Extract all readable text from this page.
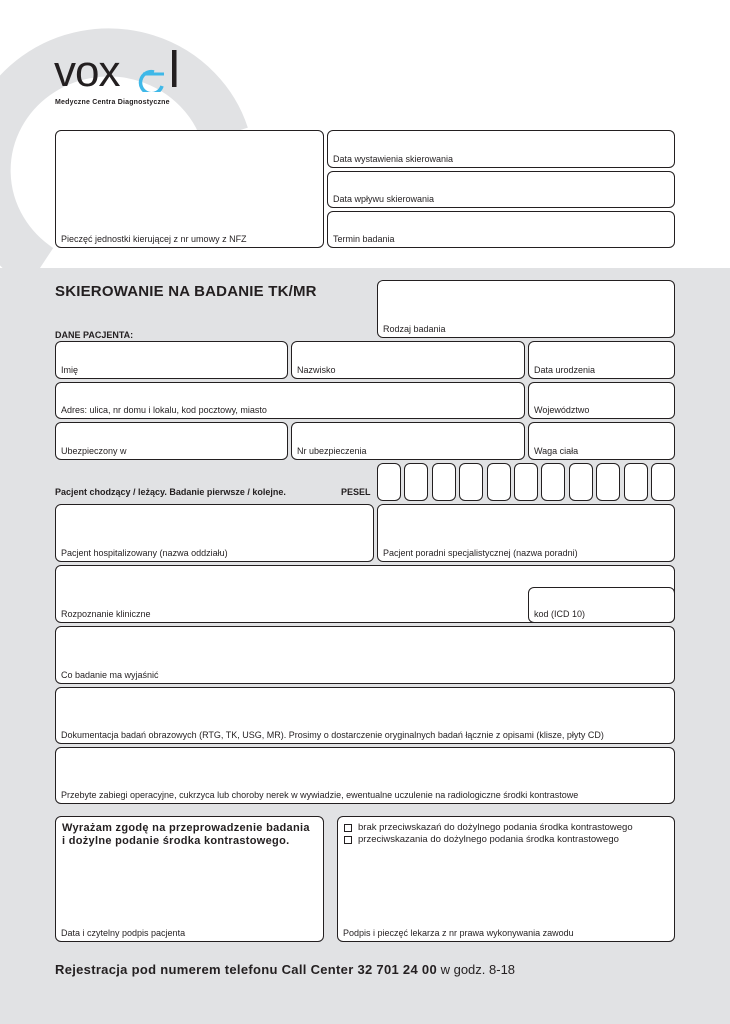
vox
Medyczne Centra Diagnostyczne
Pieczęć jednostki kierującej z nr umowy z NFZ
Data wystawienia skierowania
Data wpływu skierowania
Termin badania
SKIEROWANIE NA BADANIE TK/MR
Rodzaj badania
DANE PACJENTA:
Imię	Nazwisko	Data urodzenia
Adres: ulica, nr domu i lokalu, kod pocztowy, miasto	Województwo
Ubezpieczony w	Nr ubezpieczenia	Waga ciała
Pacjent chodzący / leżący. Badanie pierwsze / kolejne.	PESEL
Pacjent hospitalizowany (nazwa oddziału)	Pacjent poradni specjalistycznej (nazwa poradni)
Rozpoznanie kliniczne	kod (ICD 10)
Co badanie ma wyjaśnić
Dokumentacja badań obrazowych (RTG, TK, USG, MR). Prosimy o dostarczenie oryginalnych badań łącznie z opisami (klisze, płyty CD)
Przebyte zabiegi operacyjne, cukrzyca lub choroby nerek w wywiadzie, ewentualne uczulenie na radiologiczne środki kontrastowe
Wyrażam zgodę na przeprowadzenie badania
i dożylne podanie środka kontrastowego.
Data i czytelny podpis pacjenta
brak przeciwskazań do dożylnego podania środka kontrastowego
przeciwskazania do dożylnego podania środka kontrastowego
Podpis i pieczęć lekarza z nr prawa wykonywania zawodu
Rejestracja pod numerem telefonu Call Center 32 701 24 00 w godz. 8-18
